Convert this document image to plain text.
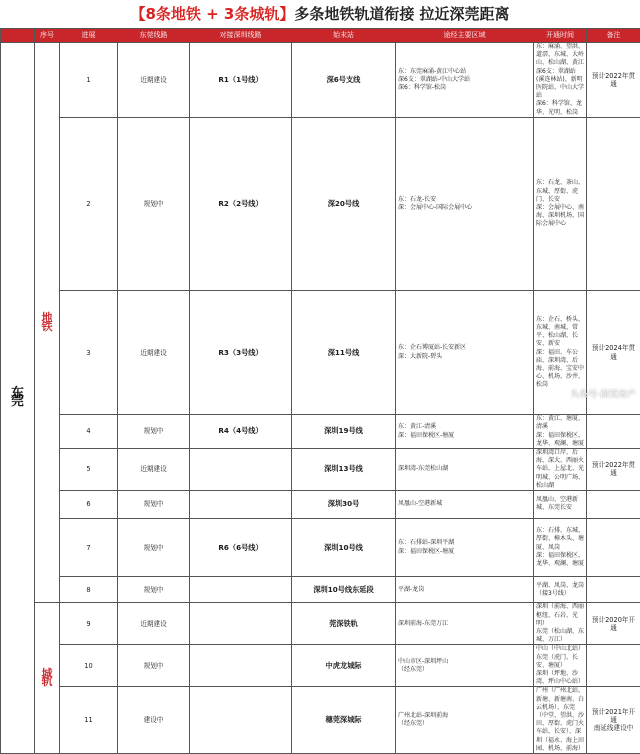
【8条地铁 + 3条城轨】多条地铁轨道衔接 拉近深莞距离
	序号	进展	东莞线路	对接深圳线路	始末站	途经主要区域	开通时间	备注	
东
莞	地铁	1	近期建设	R1（1号线）	深6号支线	东：东莞麻涌-黄江中心站
深6支：翠湖站-中山大学站
深6：科学馆-松岗	东：麻涌、望洪、道滘、东城、大岭山、松山湖、黄江
深6支：翠湖站(溪连林站)、新明医院站、中山大学站
深6：科学馆、龙华、光明、松岗	预计2022年贯通	
		2	规划中	R2（2号线）	深20号线	东：石龙-长安
深：会展中心-国际会展中心	东：石龙、茶山、东城、厚街、虎门、长安
深：会展中心、南海、深圳机场、国际会展中心		
		3	近期建设	R3（3号线）	深11号线	东：企石博厦站-长安新区
深：大新院-碧头	东：企石、桥头、东城、南城、常平、松山湖、长安、新安
深：福田、车公庙、深圳湾、后海、前海、宝安中心、机场、沙井、松岗	预计2024年贯通	
		4	规划中	R4（4号线）	深圳19号线	东：黄江-清溪
深：福田保税区-塘厦	东：黄江、塘厦、清溪
深：福田保税区、龙华、观澜、塘厦		
		5	近期建设		深圳13号线	深圳湾-东莞松山湖	深圳湾口岸、后海、深大、西丽火车站、上屋北、光明城、公明广场、松山湖	预计2022年贯通	
		6	规划中		深圳30号	凤凰山-空港新城	凤凰山、空港新城、东莞长安		
		7	规划中	R6（6号线）	深圳10号线	东：石排站-深圳平湖
深：福田保税区-塘厦	东：石排、东城、厚街、樟木头、塘厦、凤岗
深：福田保税区、龙华、观澜、塘厦		
		8	规划中		深圳10号线东延段	平湖-龙岗	平湖、凤岗、龙岗（接3号线）		
	城轨	9	近期建设		莞深铁轨	深圳前海-东莞万江	深圳（前海、西丽枢纽、石岩、光明）
东莞（松山湖、东城、万江）	预计2020年开通	
		10	规划中		中虎龙城际	中山市区-深圳坪山
（经东莞）	中山（中山北站）
东莞（虎门、长安、塘厦）
深圳（坪地、沙湾、坪山中心站）		
		11	建设中		穗莞深城际	广州北站-深圳前海
（经东莞）	广州（广州北站、新塘、新塘南、白云机场）、东莞（中堂、望洪、沙田、厚街、虎门火车站、长安）、深圳（福永、海上田园、机场、前海）	预计2021年开通
南延线建设中	
头条号·深莞房产
